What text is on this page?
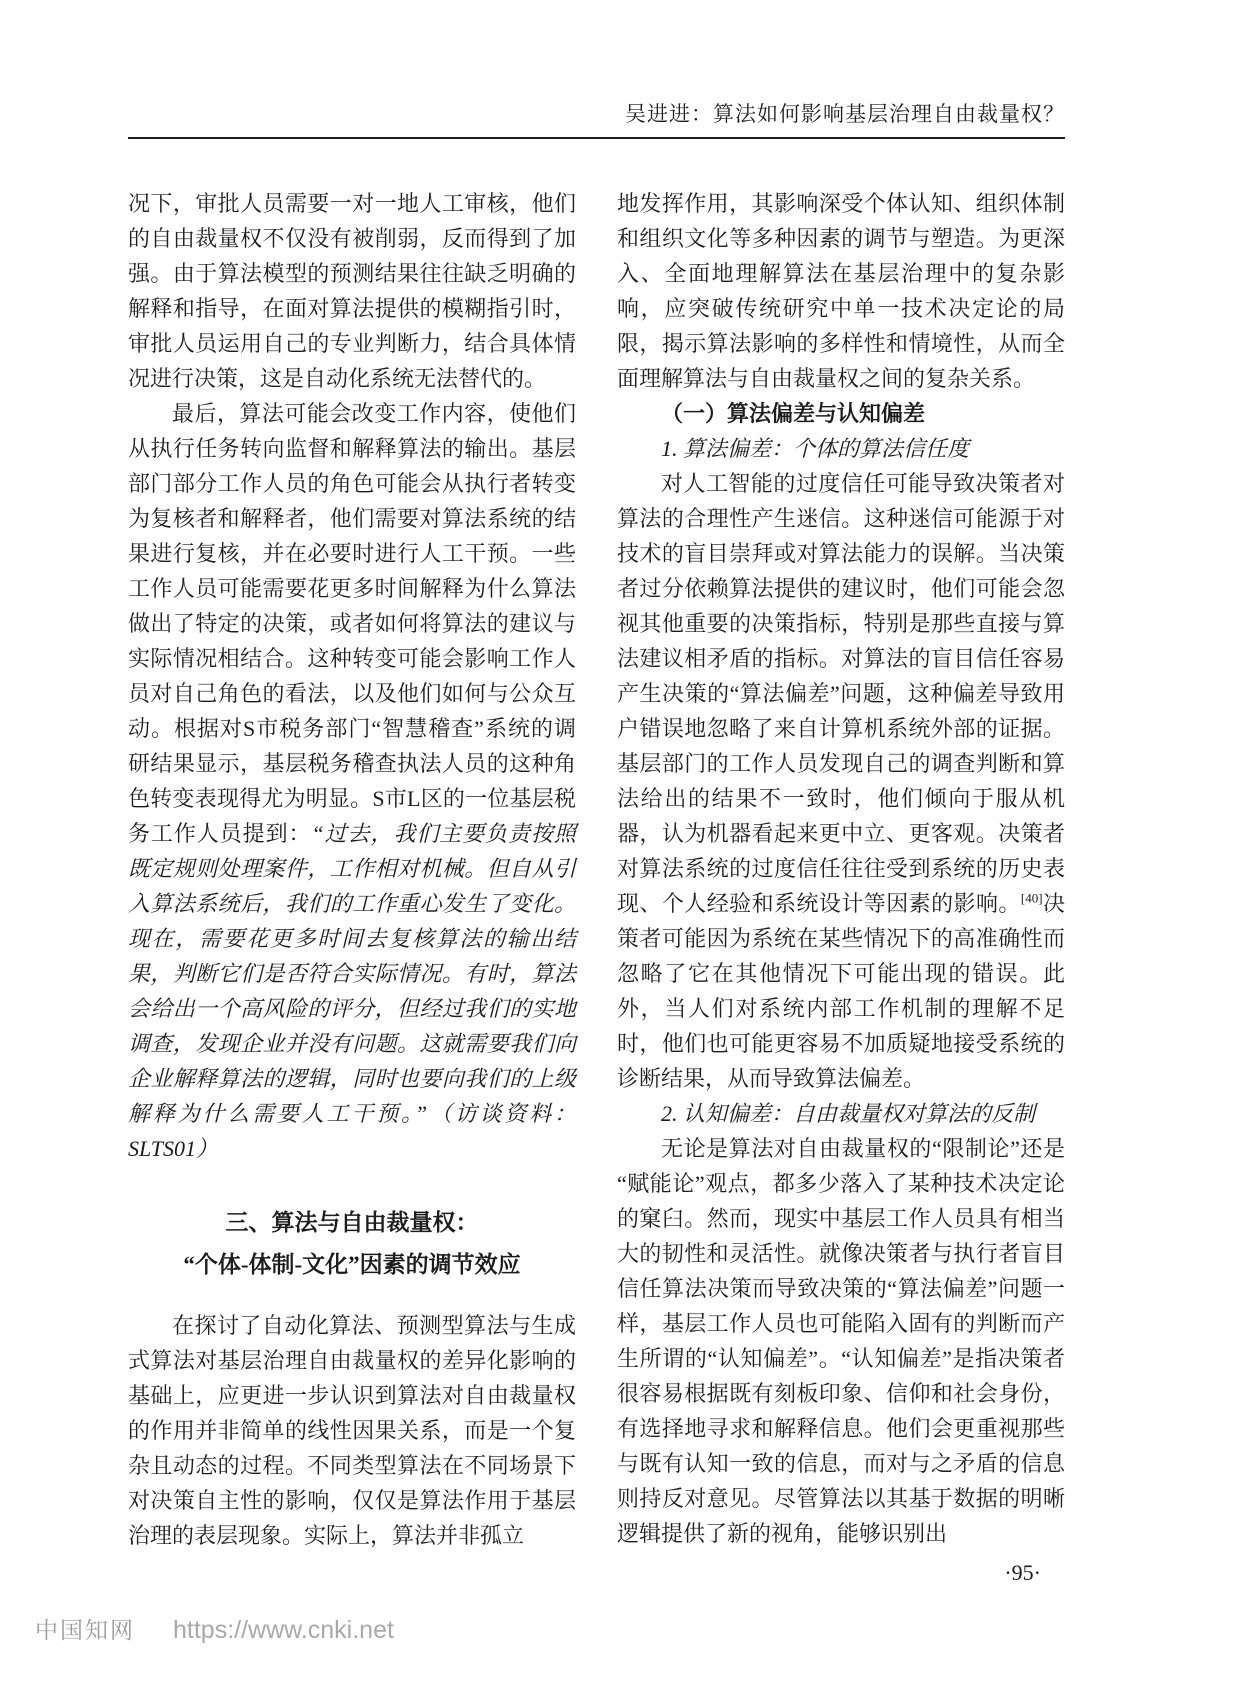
吴进进：算法如何影响基层治理自由裁量权？

况下，审批人员需要一对一地人工审核，他们的自由裁量权不仅没有被削弱，反而得到了加强。由于算法模型的预测结果往往缺乏明确的解释和指导，在面对算法提供的模糊指引时，审批人员运用自己的专业判断力，结合具体情况进行决策，这是自动化系统无法替代的。

最后，算法可能会改变工作内容，使他们从执行任务转向监督和解释算法的输出。基层部门部分工作人员的角色可能会从执行者转变为复核者和解释者，他们需要对算法系统的结果进行复核，并在必要时进行人工干预。一些工作人员可能需要花更多时间解释为什么算法做出了特定的决策，或者如何将算法的建议与实际情况相结合。这种转变可能会影响工作人员对自己角色的看法，以及他们如何与公众互动。根据对S市税务部门“智慧稽查”系统的调研结果显示，基层税务稽查执法人员的这种角色转变表现得尤为明显。S市L区的一位基层税务工作人员提到：“过去，我们主要负责按照既定规则处理案件，工作相对机械。但自从引入算法系统后，我们的工作重心发生了变化。现在，需要花更多时间去复核算法的输出结果，判断它们是否符合实际情况。有时，算法会给出一个高风险的评分，但经过我们的实地调查，发现企业并没有问题。这就需要我们向企业解释算法的逻辑，同时也要向我们的上级解释为什么需要人工干预。”（访谈资料：SLTS01）

三、算法与自由裁量权：
“个体-体制-文化”因素的调节效应

在探讨了自动化算法、预测型算法与生成式算法对基层治理自由裁量权的差异化影响的基础上，应更进一步认识到算法对自由裁量权的作用并非简单的线性因果关系，而是一个复杂且动态的过程。不同类型算法在不同场景下对决策自主性的影响，仅仅是算法作用于基层治理的表层现象。实际上，算法并非孤立

地发挥作用，其影响深受个体认知、组织体制和组织文化等多种因素的调节与塑造。为更深入、全面地理解算法在基层治理中的复杂影响，应突破传统研究中单一技术决定论的局限，揭示算法影响的多样性和情境性，从而全面理解算法与自由裁量权之间的复杂关系。

（一）算法偏差与认知偏差
1. 算法偏差：个体的算法信任度

对人工智能的过度信任可能导致决策者对算法的合理性产生迷信。这种迷信可能源于对技术的盲目崇拜或对算法能力的误解。当决策者过分依赖算法提供的建议时，他们可能会忽视其他重要的决策指标，特别是那些直接与算法建议相矛盾的指标。对算法的盲目信任容易产生决策的“算法偏差”问题，这种偏差导致用户错误地忽略了来自计算机系统外部的证据。基层部门的工作人员发现自己的调查判断和算法给出的结果不一致时，他们倾向于服从机器，认为机器看起来更中立、更客观。决策者对算法系统的过度信任往往受到系统的历史表现、个人经验和系统设计等因素的影响。[40]决策者可能因为系统在某些情况下的高准确性而忽略了它在其他情况下可能出现的错误。此外，当人们对系统内部工作机制的理解不足时，他们也可能更容易不加质疑地接受系统的诊断结果，从而导致算法偏差。

2. 认知偏差：自由裁量权对算法的反制

无论是算法对自由裁量权的“限制论”还是“赋能论”观点，都多少落入了某种技术决定论的窠臼。然而，现实中基层工作人员具有相当大的韧性和灵活性。就像决策者与执行者盲目信任算法决策而导致决策的“算法偏差”问题一样，基层工作人员也可能陷入固有的判断而产生所谓的“认知偏差”。“认知偏差”是指决策者很容易根据既有刻板印象、信仰和社会身份，有选择地寻求和解释信息。他们会更重视那些与既有认知一致的信息，而对与之矛盾的信息则持反对意见。尽管算法以其基于数据的明晰逻辑提供了新的视角，能够识别出

·95·
中国知网 https://www.cnki.net
